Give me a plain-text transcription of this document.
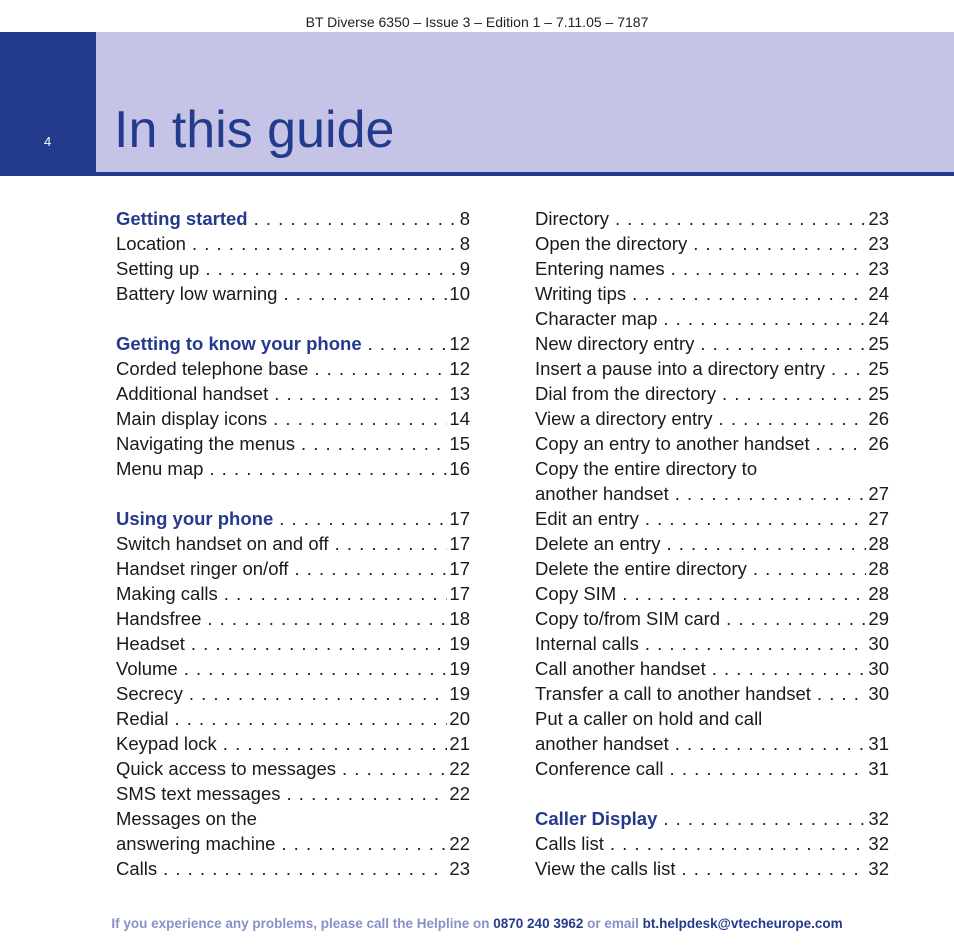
BT Diverse 6350 – Issue 3 – Edition 1 – 7.11.05 – 7187
4 In this guide
Getting started . . .	8
Location . . .	8
Setting up . . .	9
Battery low warning . . .	10
Getting to know your phone . . .	12
Corded telephone base . . .	12
Additional handset . . .	13
Main display icons . . .	14
Navigating the menus . . .	15
Menu map . . .	16
Using your phone . . .	17
Switch handset on and off . . .	17
Handset ringer on/off . . .	17
Making calls . . .	17
Handsfree . . .	18
Headset . . .	19
Volume . . .	19
Secrecy . . .	19
Redial . . .	20
Keypad lock . . .	21
Quick access to messages . . .	22
SMS text messages . . .	22
Messages on the
answering machine . . .	22
Calls . . .	23
Directory . . .	23
Open the directory . . .	23
Entering names . . .	23
Writing tips . . .	24
Character map . . .	24
New directory entry . . .	25
Insert a pause into a directory entry . . .	25
Dial from the directory . . .	25
View a directory entry . . .	26
Copy an entry to another handset . . .	26
Copy the entire directory to
another handset . . .	27
Edit an entry . . .	27
Delete an entry . . .	28
Delete the entire directory . . .	28
Copy SIM . . .	28
Copy to/from SIM card . . .	29
Internal calls . . .	30
Call another handset . . .	30
Transfer a call to another handset . . .	30
Put a caller on hold and call
another handset . . .	31
Conference call . . .	31
Caller Display . . .	32
Calls list . . .	32
View the calls list . . .	32
If you experience any problems, please call the Helpline on 0870 240 3962 or email bt.helpdesk@vtecheurope.com
